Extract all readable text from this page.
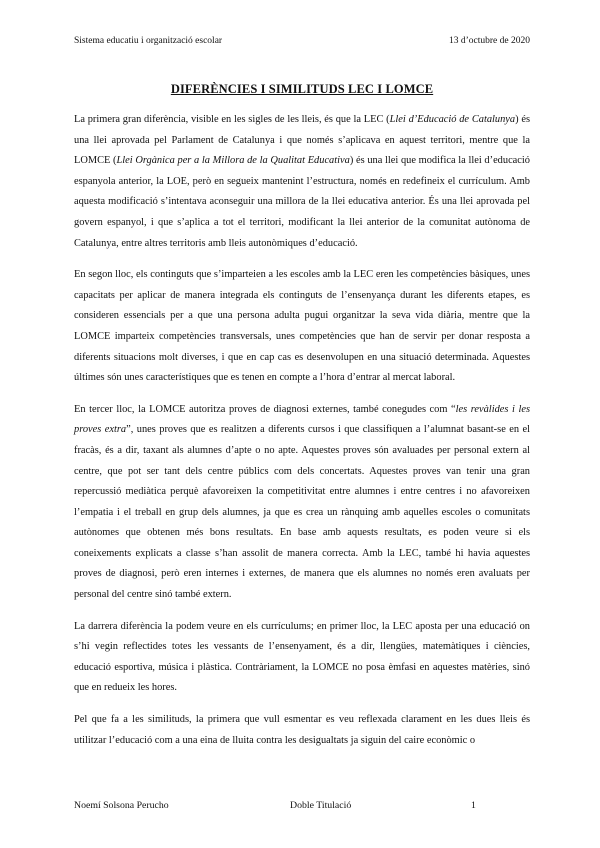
Sistema educatiu i organització escolar	13 d’octubre de 2020
DIFERÈNCIES I SIMILITUDS LEC I LOMCE

La primera gran diferència, visible en les sigles de les lleis, és que la LEC (Llei d’Educació de Catalunya) és una llei aprovada pel Parlament de Catalunya i que només s’aplicava en aquest territori, mentre que la LOMCE (Llei Orgànica per a la Millora de la Qualitat Educativa) és una llei que modifica la llei d’educació espanyola anterior, la LOE, però en segueix mantenint l’estructura, només en redefineix el currículum. Amb aquesta modificació s’intentava aconseguir una millora de la llei educativa anterior. És una llei aprovada pel govern espanyol, i que s’aplica a tot el territori, modificant la llei anterior de la comunitat autònoma de Catalunya, entre altres territoris amb lleis autonòmiques d’educació.

En segon lloc, els continguts que s’imparteien a les escoles amb la LEC eren les competències bàsiques, unes capacitats per aplicar de manera integrada els continguts de l’ensenyança durant les diferents etapes, es consideren essencials per a que una persona adulta pugui organitzar la seva vida diària, mentre que la LOMCE imparteix competències transversals, unes competències que han de servir per donar resposta a diferents situacions molt diverses, i que en cap cas es desenvolupen en una situació determinada. Aquestes últimes són unes característiques que es tenen en compte a l’hora d’entrar al mercat laboral.

En tercer lloc, la LOMCE autoritza proves de diagnosi externes, també conegudes com “les revàlides i les proves extra”, unes proves que es realitzen a diferents cursos i que classifiquen a l’alumnat basant-se en el fracàs, és a dir, taxant als alumnes d’apte o no apte. Aquestes proves són avaluades per personal extern al centre, que pot ser tant dels centre públics com dels concertats. Aquestes proves van tenir una gran repercussió mediàtica perquè afavoreixen la competitivitat entre alumnes i entre centres i no afavoreixen l’empatia i el treball en grup dels alumnes, ja que es crea un rànquing amb aquelles escoles o comunitats autònomes que obtenen més bons resultats. En base amb aquests resultats, es poden veure si els coneixements explicats a classe s’han assolit de manera correcta. Amb la LEC, també hi havia aquestes proves de diagnosi, però eren internes i externes, de manera que els alumnes no només eren avaluats per personal del centre sinó també extern.

La darrera diferència la podem veure en els currículums; en primer lloc, la LEC aposta per una educació on s’hi vegin reflectides totes les vessants de l’ensenyament, és a dir, llengües, matemàtiques i ciències, educació esportiva, música i plàstica. Contràriament, la LOMCE no posa èmfasi en aquestes matèries, sinó que en redueix les hores.

Pel que fa a les similituds, la primera que vull esmentar es veu reflexada clarament en les dues lleis és utilitzar l’educació com a una eina de lluita contra les desigualtats ja siguin del caire econòmic o

Noemí Solsona Peruchо	Doble Titulació	1
